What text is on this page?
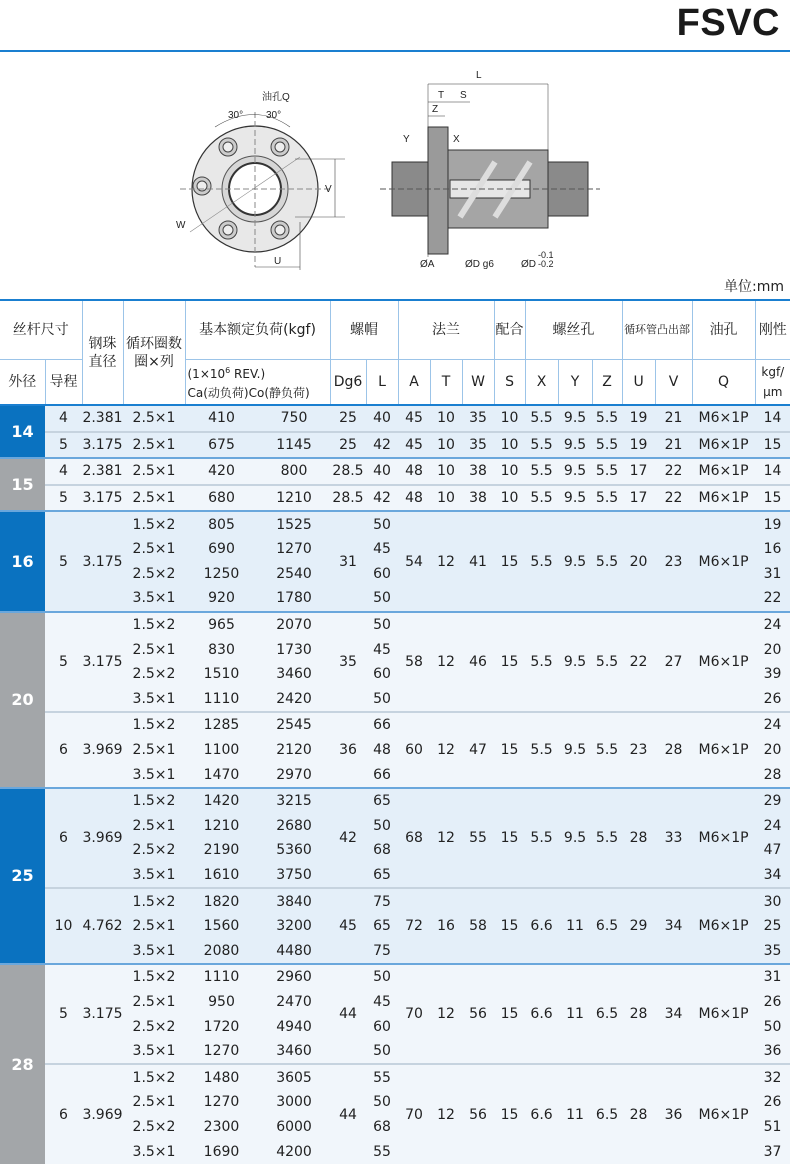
FSVC
油孔Q
30° 30°
W
U
V
L
T S
Z
Y	X
ØA	ØD g6	ØD
-0.1
-0.2
单位:mm
丝杆尺寸		钢珠直径	循环圈数
圈×列	基本额定负荷(kgf)		螺帽		法兰			配合	螺丝孔			循环管凸出部		油孔	刚性
外径	导程			($1\times 10^6$ REV.)
Ca(动负荷)Co(静负荷)		Dg6	L	A	T	W	S	X	Y	Z	U	V	Q	kgf/μm
14	4	2.381	2.5×1	410	750	25	40	45	10	35	10	5.5	9.5	5.5	19	21	M6×1P	14
	5	3.175	2.5×1	675	1145	25	42	45	10	35	10	5.5	9.5	5.5	19	21	M6×1P	15
15	4	2.381	2.5×1	420	800	28.5	40	48	10	38	10	5.5	9.5	5.5	17	22	M6×1P	14
	5	3.175	2.5×1	680	1210	28.5	42	48	10	38	10	5.5	9.5	5.5	17	22	M6×1P	15
16	5	3.175	1.5×2	805	1525	31	50	54	12	41	15	5.5	9.5	5.5	20	23	M6×1P	19
			2.5×1	690	1270		45											16
			2.5×2	1250	2540		60											31
			3.5×1	920	1780		50											22
20	5	3.175	1.5×2	965	2070	35	50	58	12	46	15	5.5	9.5	5.5	22	27	M6×1P	24
			2.5×1	830	1730		45											20
			2.5×2	1510	3460		60											39
			3.5×1	1110	2420		50											26
	6	3.969	1.5×2	1285	2545	36	66	60	12	47	15	5.5	9.5	5.5	23	28	M6×1P	24
			2.5×1	1100	2120		48											20
			3.5×1	1470	2970		66											28
25	6	3.969	1.5×2	1420	3215	42	65	68	12	55	15	5.5	9.5	5.5	28	33	M6×1P	29
			2.5×1	1210	2680		50											24
			2.5×2	2190	5360		68											47
			3.5×1	1610	3750		65											34
	10	4.762	1.5×2	1820	3840	45	75	72	16	58	15	6.6	11	6.5	29	34	M6×1P	30
			2.5×1	1560	3200		65											25
			3.5×1	2080	4480		75											35
28	5	3.175	1.5×2	1110	2960	44	50	70	12	56	15	6.6	11	6.5	28	34	M6×1P	31
			2.5×1	950	2470		45											26
			2.5×2	1720	4940		60											50
			3.5×1	1270	3460		50											36
	6	3.969	1.5×2	1480	3605	44	55	70	12	56	15	6.6	11	6.5	28	36	M6×1P	32
			2.5×1	1270	3000		50											26
			2.5×2	2300	6000		68											51
			3.5×1	1690	4200		55											37
